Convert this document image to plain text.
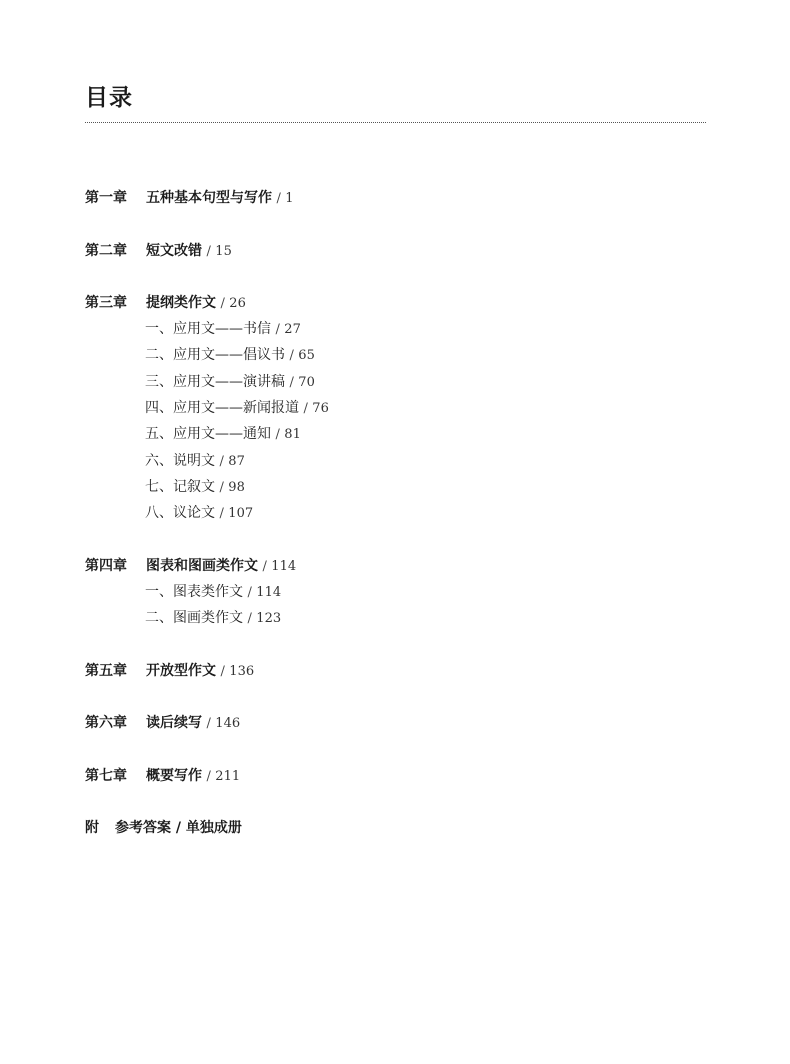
目录
第一章 五种基本句型与写作 / 1
第二章 短文改错 / 15
第三章 提纲类作文 / 26
一、应用文——书信 / 27
二、应用文——倡议书 / 65
三、应用文——演讲稿 / 70
四、应用文——新闻报道 / 76
五、应用文——通知 / 81
六、说明文 / 87
七、记叙文 / 98
八、议论文 / 107
第四章 图表和图画类作文 / 114
一、图表类作文 / 114
二、图画类作文 / 123
第五章 开放型作文 / 136
第六章 读后续写 / 146
第七章 概要写作 / 211
附 参考答案 / 单独成册
